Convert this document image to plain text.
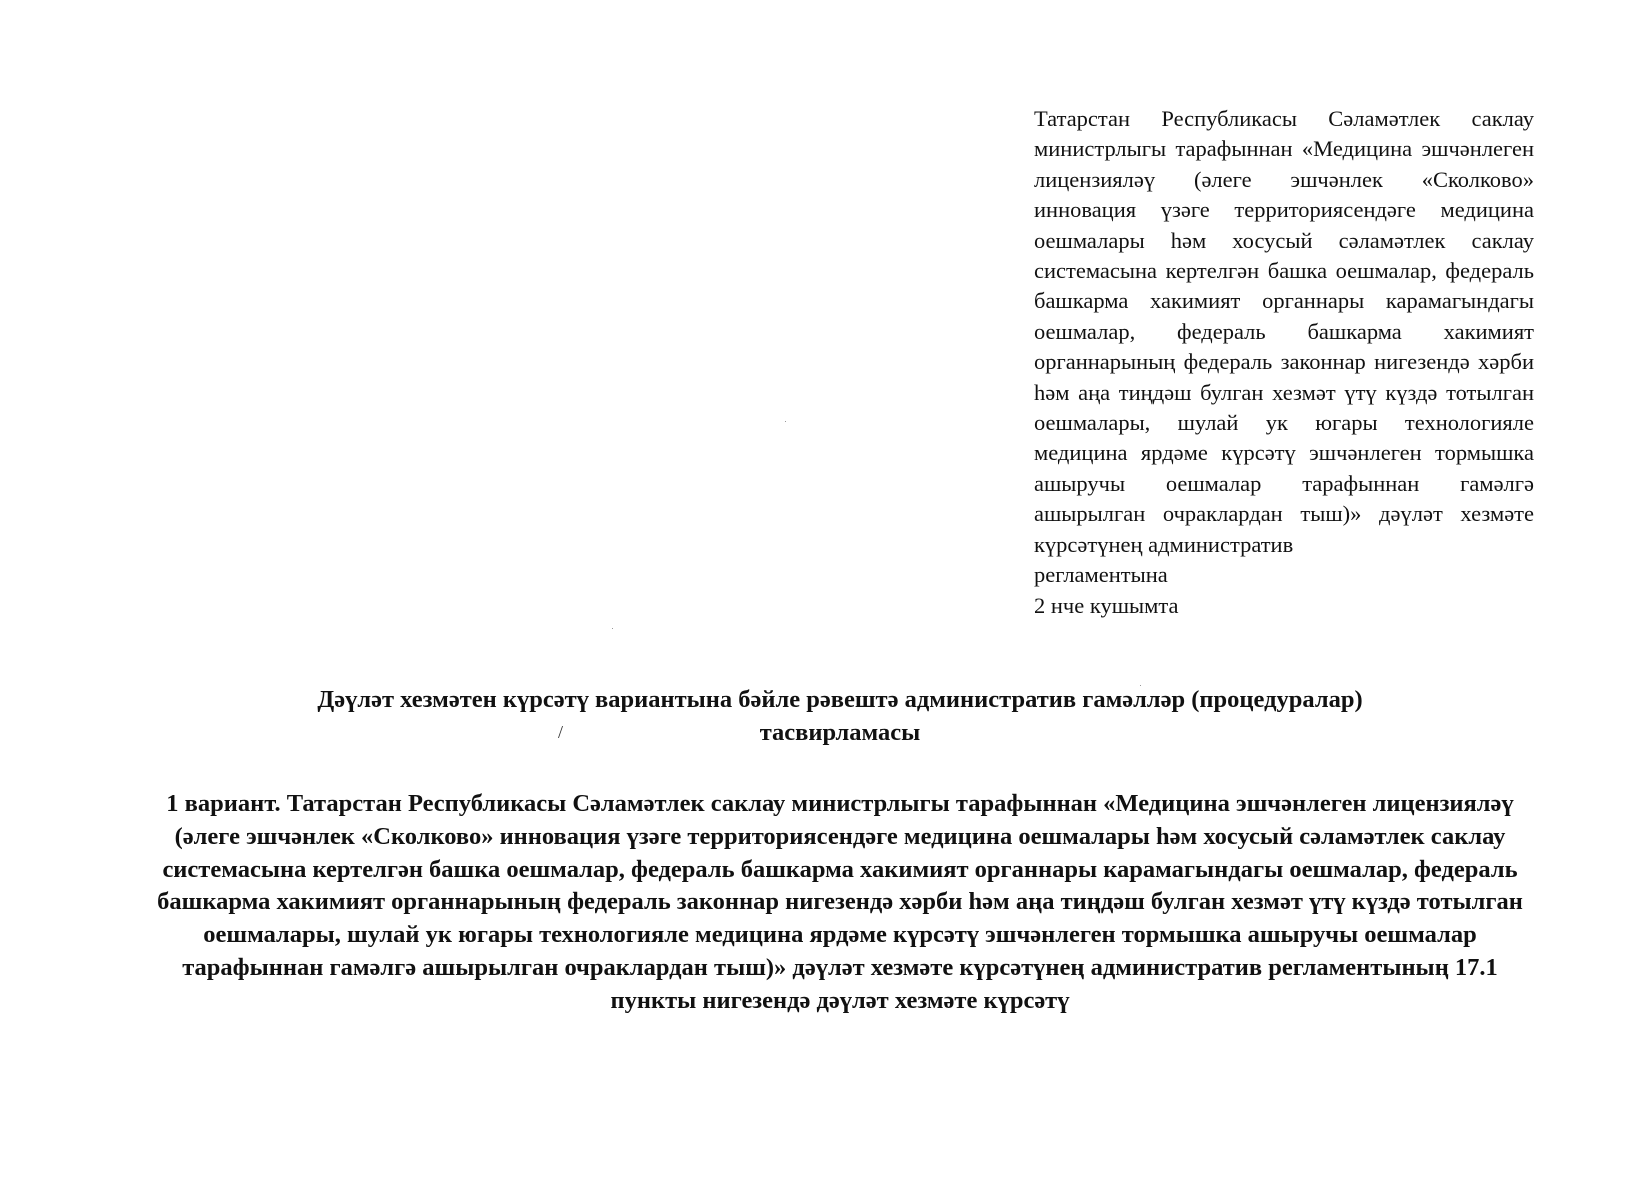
Татарстан Республикасы Сәламәтлек саклау министрлыгы тарафыннан «Медицина эшчәнлеген лицензияләү (әлеге эшчәнлек «Сколково» инновация үзәге территориясендәге медицина оешмалары һәм хосусый сәламәтлек саклау системасына кертелгән башка оешмалар, федераль башкарма хакимият органнары карамагындагы оешмалар, федераль башкарма хакимият органнарының федераль законнар нигезендә хәрби һәм аңа тиңдәш булган хезмәт үтү күздә тотылган оешмалары, шулай ук югары технологияле медицина ярдәме күрсәтү эшчәнлеген тормышка ашыручы оешмалар тарафыннан гамәлгә ашырылган очраклардан тыш)» дәүләт хезмәте күрсәтүнең административ
регламентына
2 нче кушымта
Дәүләт хезмәтен күрсәтү вариантына бәйле рәвештә административ гамәлләр (процедуралар)
тасвирламасы
/
1 вариант. Татарстан Республикасы Сәламәтлек саклау министрлыгы тарафыннан «Медицина эшчәнлеген лицензияләү (әлеге эшчәнлек «Сколково» инновация үзәге территориясендәге медицина оешмалары һәм хосусый сәламәтлек саклау системасына кертелгән башка оешмалар, федераль башкарма хакимият органнары карамагындагы оешмалар, федераль башкарма хакимият органнарының федераль законнар нигезендә хәрби һәм аңа тиңдәш булган хезмәт үтү күздә тотылган оешмалары, шулай ук югары технологияле медицина ярдәме күрсәтү эшчәнлеген тормышка ашыручы оешмалар тарафыннан гамәлгә ашырылган очраклардан тыш)» дәүләт хезмәте күрсәтүнең административ регламентының 17.1 пункты нигезендә дәүләт хезмәте күрсәтү
